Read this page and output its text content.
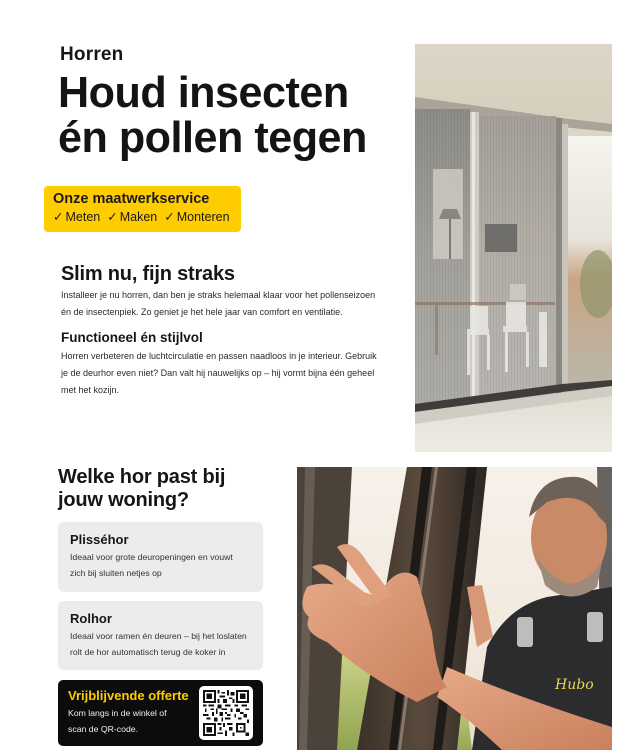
Horren
Houd insecten
én pollen tegen
Onze maatwerkservice
✓ Meten ✓ Maken ✓ Monteren
Slim nu, fijn straks
Installeer je nu horren, dan ben je straks helemaal klaar voor het pollenseizoen
én de insectenpiek. Zo geniet je het hele jaar van comfort en ventilatie.
Functioneel én stijlvol
Horren verbeteren de luchtcirculatie en passen naadloos in je interieur. Gebruik
je de deurhor even niet? Dan valt hij nauwelijks op – hij vormt bijna één geheel
met het kozijn.
Welke hor past bij
jouw woning?
Plisséhor
Ideaal voor grote deuropeningen en vouwt
zich bij sluiten netjes op
Rolhor
Ideaal voor ramen én deuren – bij het loslaten
rolt de hor automatisch terug de koker in
Vrijblijvende offerte
Kom langs in de winkel of
scan de QR-code.
Hubo
